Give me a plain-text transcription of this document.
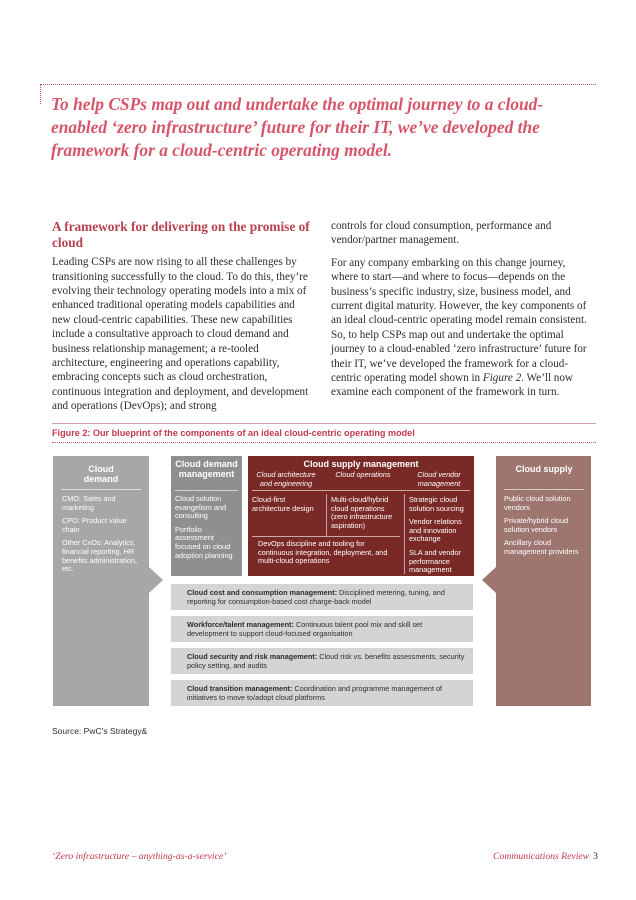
To help CSPs map out and undertake the optimal journey to a cloud-enabled ‘zero infrastructure’ future for their IT, we’ve developed the framework for a cloud-centric operating model.
A framework for delivering on the promise of cloud

Leading CSPs are now rising to all these challenges by transitioning successfully to the cloud. To do this, they’re evolving their technology operating models into a mix of enhanced traditional operating models capabilities and new cloud-centric capabilities. These new capabilities include a consultative approach to cloud demand and business relationship management; a re-tooled architecture, engineering and operations capability, embracing concepts such as cloud orchestration, continuous integration and deployment, and development and operations (DevOps); and strong

controls for cloud consumption, performance and vendor/partner management.

For any company embarking on this change journey, where to start—and where to focus—depends on the business’s specific industry, size, business model, and current digital maturity. However, the key components of an ideal cloud-centric operating model remain consistent. So, to help CSPs map out and undertake the optimal journey to a cloud-enabled ‘zero infrastructure’ future for their IT, we’ve developed the framework for a cloud-centric operating model shown in Figure 2. We’ll now examine each component of the framework in turn.

Figure 2: Our blueprint of the components of an ideal cloud-centric operating model
Cloud demand
CMO: Sales and marketing
CPO: Product value chain
Other CxOs: Analytics, financial reporting, HR benefits administration, etc.
Cloud demand management
Cloud solution evangelism and consulting
Portfolio assessment focused on cloud adoption planning
Cloud supply management
Cloud architecture and engineering
Cloud operations	Cloud vendor management
Cloud-first architecture design
Multi-cloud/hybrid cloud operations (zero infrastructure aspiration)
Strategic cloud solution sourcing
Vendor relations and innovation exchange
SLA and vendor performance management
DevOps discipline and tooling for continuous integration, deployment, and multi-cloud operations
Cloud supply
Public cloud solution vendors
Private/hybrid cloud solution vendors
Ancillary cloud management providers
Cloud cost and consumption management: Disciplined metering, tuning, and reporting for consumption-based cost charge-back model
Workforce/talent management: Continuous talent pool mix and skill set development to support cloud-focused organisation
Cloud security and risk management: Cloud risk vs. benefits assessments, security policy setting, and audits
Cloud transition management: Coordination and programme management of initiatives to move to/adopt cloud platforms
Source: PwC’s Strategy&
‘Zero infrastructure – anything-as-a-service’	Communications Review 3
